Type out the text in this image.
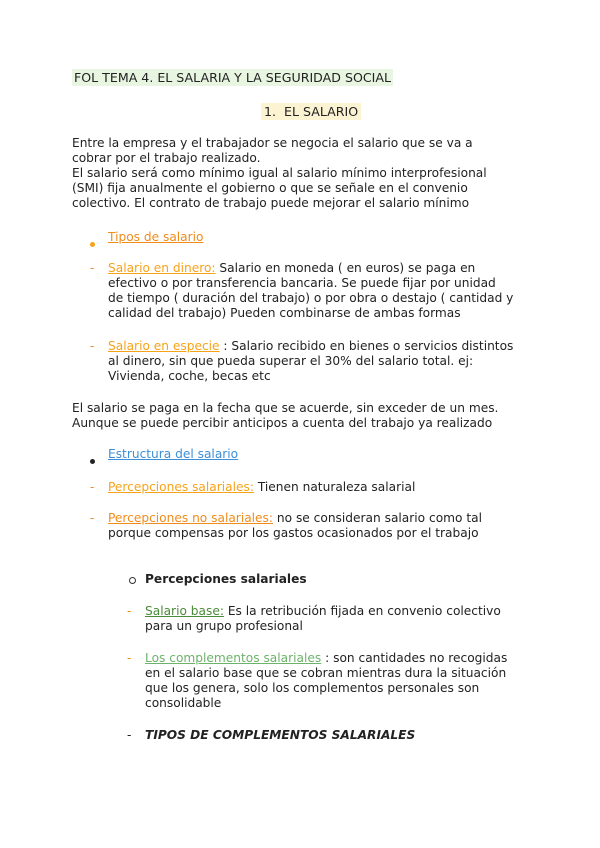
FOL TEMA 4. EL SALARIA Y LA SEGURIDAD SOCIAL
1. EL SALARIO
Entre la empresa y el trabajador se negocia el salario que se va a
cobrar por el trabajo realizado.
El salario será como mínimo igual al salario mínimo interprofesional
(SMI) fija anualmente el gobierno o que se señale en el convenio
colectivo. El contrato de trabajo puede mejorar el salario mínimo
Tipos de salario
- Salario en dinero: Salario en moneda ( en euros) se paga en
efectivo o por transferencia bancaria. Se puede fijar por unidad
de tiempo ( duración del trabajo) o por obra o destajo ( cantidad y
calidad del trabajo) Pueden combinarse de ambas formas
- Salario en especie : Salario recibido en bienes o servicios distintos
al dinero, sin que pueda superar el 30% del salario total. ej:
Vivienda, coche, becas etc
El salario se paga en la fecha que se acuerde, sin exceder de un mes.
Aunque se puede percibir anticipos a cuenta del trabajo ya realizado
Estructura del salario
- Percepciones salariales: Tienen naturaleza salarial
- Percepciones no salariales: no se consideran salario como tal
porque compensas por los gastos ocasionados por el trabajo
Percepciones salariales
- Salario base: Es la retribución fijada en convenio colectivo
para un grupo profesional
- Los complementos salariales : son cantidades no recogidas
en el salario base que se cobran mientras dura la situación
que los genera, solo los complementos personales son
consolidable
- TIPOS DE COMPLEMENTOS SALARIALES
